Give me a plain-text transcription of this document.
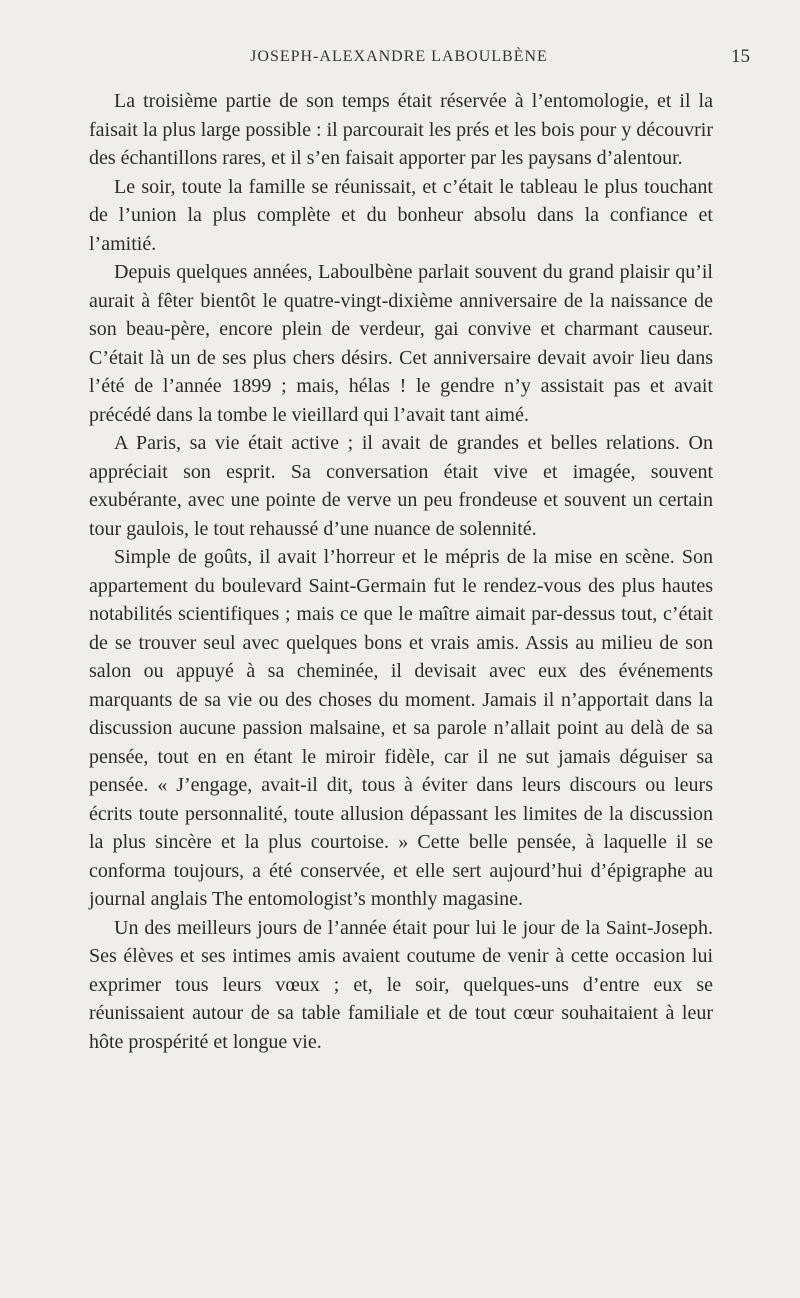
JOSEPH-ALEXANDRE LABOULBÈNE	15

La troisième partie de son temps était réservée à l’entomologie, et il la faisait la plus large possible : il parcourait les prés et les bois pour y découvrir des échantillons rares, et il s’en faisait apporter par les paysans d’alentour.

Le soir, toute la famille se réunissait, et c’était le tableau le plus touchant de l’union la plus complète et du bonheur absolu dans la confiance et l’amitié.

Depuis quelques années, Laboulbène parlait souvent du grand plaisir qu’il aurait à fêter bientôt le quatre-vingt-dixième anniversaire de la naissance de son beau-père, encore plein de verdeur, gai convive et charmant causeur. C’était là un de ses plus chers désirs. Cet anniversaire devait avoir lieu dans l’été de l’année 1899 ; mais, hélas ! le gendre n’y assistait pas et avait précédé dans la tombe le vieillard qui l’avait tant aimé.

A Paris, sa vie était active ; il avait de grandes et belles relations. On appréciait son esprit. Sa conversation était vive et imagée, souvent exubérante, avec une pointe de verve un peu frondeuse et souvent un certain tour gaulois, le tout rehaussé d’une nuance de solennité.

Simple de goûts, il avait l’horreur et le mépris de la mise en scène. Son appartement du boulevard Saint-Germain fut le rendez-vous des plus hautes notabilités scientifiques ; mais ce que le maître aimait par-dessus tout, c’était de se trouver seul avec quelques bons et vrais amis. Assis au milieu de son salon ou appuyé à sa cheminée, il devisait avec eux des événements marquants de sa vie ou des choses du moment. Jamais il n’apportait dans la discussion aucune passion malsaine, et sa parole n’allait point au delà de sa pensée, tout en en étant le miroir fidèle, car il ne sut jamais déguiser sa pensée. « J’engage, avait-il dit, tous à éviter dans leurs discours ou leurs écrits toute personnalité, toute allusion dépassant les limites de la discussion la plus sincère et la plus courtoise. » Cette belle pensée, à laquelle il se conforma toujours, a été conservée, et elle sert aujourd’hui d’épigraphe au journal anglais The entomologist’s monthly magasine.

Un des meilleurs jours de l’année était pour lui le jour de la Saint-Joseph. Ses élèves et ses intimes amis avaient coutume de venir à cette occasion lui exprimer tous leurs vœux ; et, le soir, quelques-uns d’entre eux se réunissaient autour de sa table familiale et de tout cœur souhaitaient à leur hôte prospérité et longue vie.
